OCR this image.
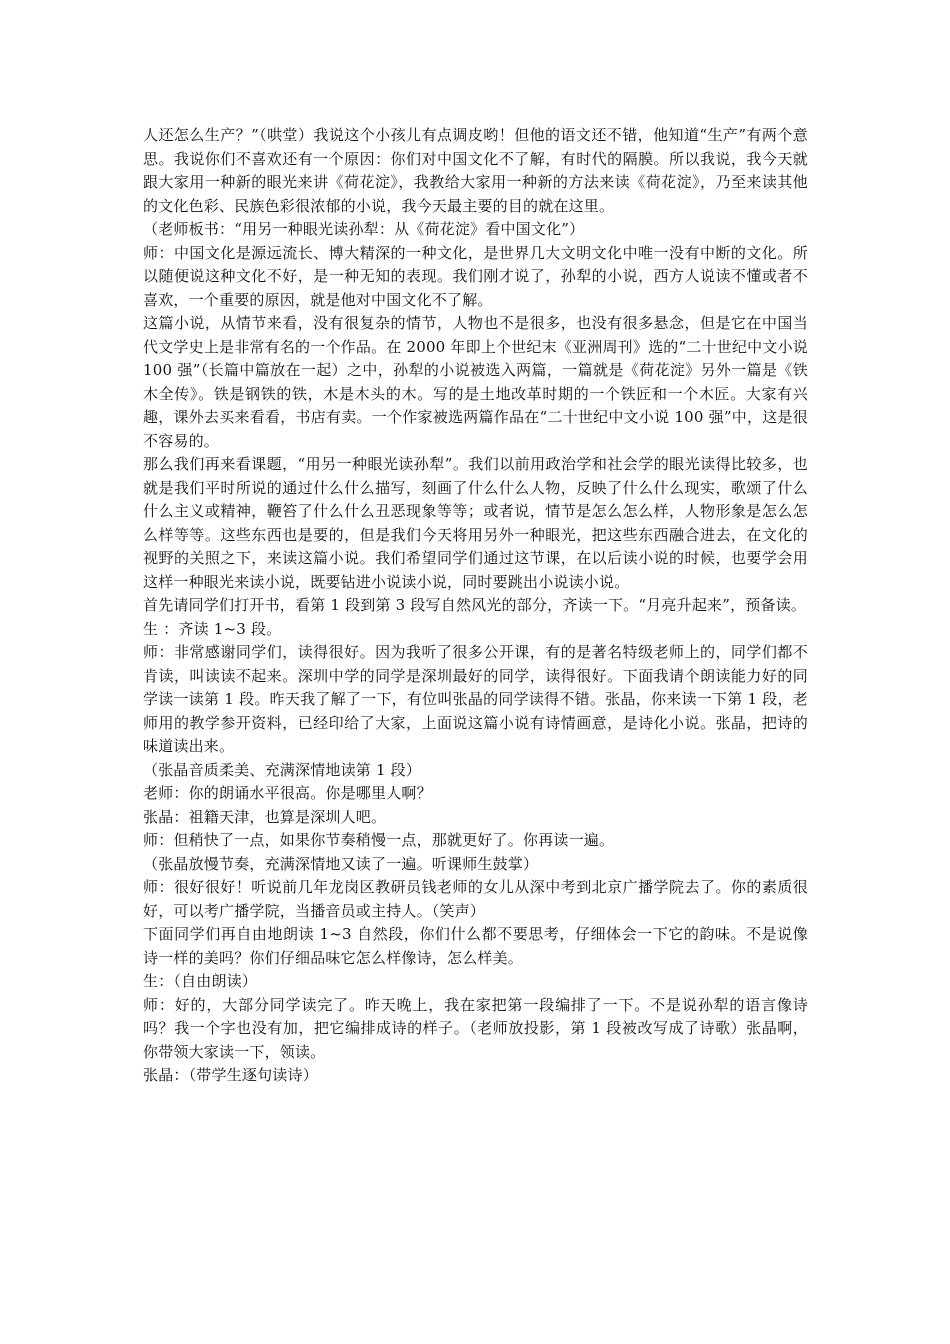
人还怎么生产？”（哄堂）我说这个小孩儿有点调皮哟！但他的语文还不错，他知道“生产”有两个意思。我说你们不喜欢还有一个原因：你们对中国文化不了解，有时代的隔膜。所以我说，我今天就跟大家用一种新的眼光来讲《荷花淀》，我教给大家用一种新的方法来读《荷花淀》，乃至来读其他的文化色彩、民族色彩很浓郁的小说，我今天最主要的目的就在这里。

（老师板书：“用另一种眼光读孙犁：从《荷花淀》看中国文化”）

师：中国文化是源远流长、博大精深的一种文化，是世界几大文明文化中唯一没有中断的文化。所以随便说这种文化不好，是一种无知的表现。我们刚才说了，孙犁的小说，西方人说读不懂或者不喜欢，一个重要的原因，就是他对中国文化不了解。

这篇小说，从情节来看，没有很复杂的情节，人物也不是很多，也没有很多悬念，但是它在中国当代文学史上是非常有名的一个作品。在 2000 年即上个世纪末《亚洲周刊》选的“二十世纪中文小说 100 强”（长篇中篇放在一起）之中，孙犁的小说被选入两篇，一篇就是《荷花淀》另外一篇是《铁木全传》。铁是钢铁的铁，木是木头的木。写的是土地改革时期的一个铁匠和一个木匠。大家有兴趣，课外去买来看看，书店有卖。一个作家被选两篇作品在“二十世纪中文小说 100 强”中，这是很不容易的。

那么我们再来看课题，“用另一种眼光读孙犁”。我们以前用政治学和社会学的眼光读得比较多，也就是我们平时所说的通过什么什么描写，刻画了什么什么人物，反映了什么什么现实，歌颂了什么什么主义或精神，鞭笞了什么什么丑恶现象等等；或者说，情节是怎么怎么样，人物形象是怎么怎么样等等。这些东西也是要的，但是我们今天将用另外一种眼光，把这些东西融合进去，在文化的视野的关照之下，来读这篇小说。我们希望同学们通过这节课，在以后读小说的时候，也要学会用这样一种眼光来读小说，既要钻进小说读小说，同时要跳出小说读小说。

首先请同学们打开书，看第 1 段到第 3 段写自然风光的部分，齐读一下。“月亮升起来”，预备读。

生 ：齐读 1~3 段。

师：非常感谢同学们，读得很好。因为我听了很多公开课，有的是著名特级老师上的，同学们都不肯读，叫读读不起来。深圳中学的同学是深圳最好的同学，读得很好。下面我请个朗读能力好的同学读一读第 1 段。昨天我了解了一下，有位叫张晶的同学读得不错。张晶，你来读一下第 1 段，老师用的教学参开资料，已经印给了大家，上面说这篇小说有诗情画意，是诗化小说。张晶，把诗的味道读出来。

（张晶音质柔美、充满深情地读第 1 段）

老师：你的朗诵水平很高。你是哪里人啊？

张晶：祖籍天津，也算是深圳人吧。

师：但稍快了一点，如果你节奏稍慢一点，那就更好了。你再读一遍。

（张晶放慢节奏，充满深情地又读了一遍。听课师生鼓掌）

师：很好很好！听说前几年龙岗区教研员钱老师的女儿从深中考到北京广播学院去了。你的素质很好，可以考广播学院，当播音员或主持人。（笑声）

下面同学们再自由地朗读 1~3 自然段，你们什么都不要思考，仔细体会一下它的韵味。不是说像诗一样的美吗？你们仔细品味它怎么样像诗，怎么样美。

生：（自由朗读）

师：好的，大部分同学读完了。昨天晚上，我在家把第一段编排了一下。不是说孙犁的语言像诗吗？我一个字也没有加，把它编排成诗的样子。（老师放投影，第 1 段被改写成了诗歌）张晶啊，你带领大家读一下，领读。

张晶：（带学生逐句读诗）
